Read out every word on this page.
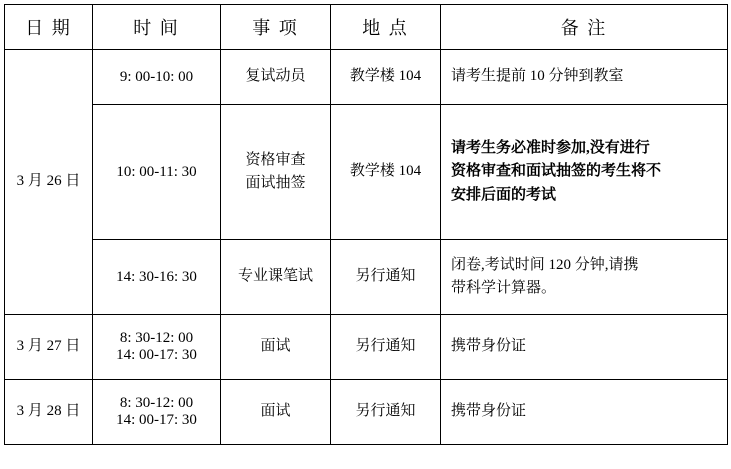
日 期	时 间	事 项	地 点	备 注

3 月 26 日	9: 00-10: 00	复试动员	教学楼 104	请考生提前 10 分钟到教室

	10: 00-11: 30	资格审查
面试抽签	教学楼 104	请考生务必准时参加,没有进行
资格审查和面试抽签的考生将不
安排后面的考试

	14: 30-16: 30	专业课笔试	另行通知	闭卷,考试时间 120 分钟,请携
带科学计算器。

3 月 27 日	8: 30-12: 00
14: 00-17: 30	面试	另行通知	携带身份证

3 月 28 日	8: 30-12: 00
14: 00-17: 30	面试	另行通知	携带身份证
